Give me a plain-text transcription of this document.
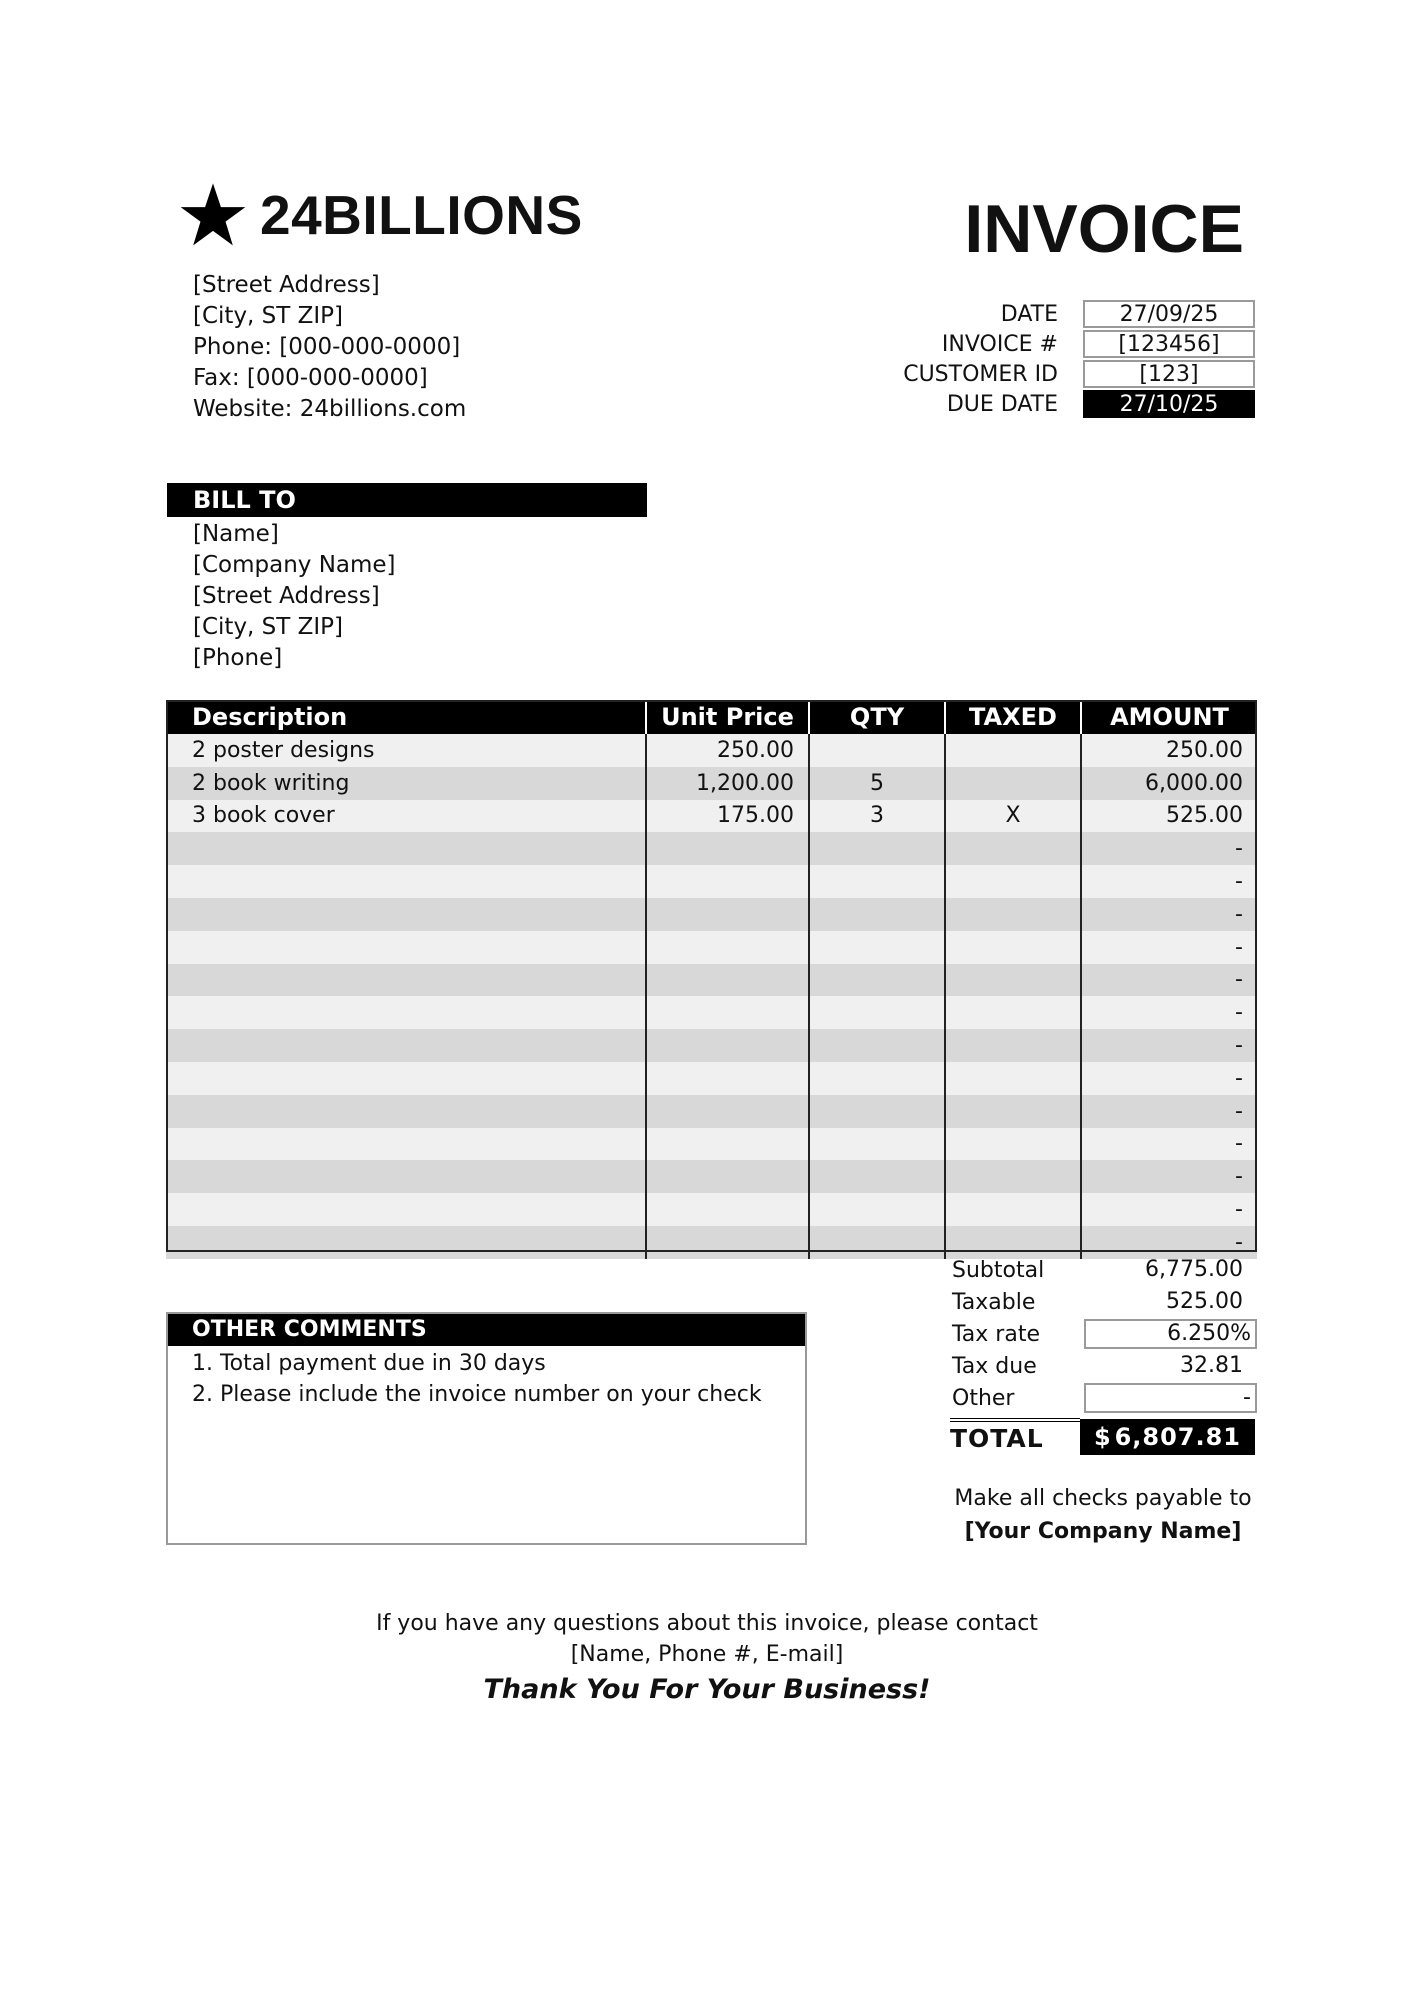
24BILLIONS	INVOICE
[Street Address]
[City, ST ZIP]
Phone: [000-000-0000]
Fax: [000-000-0000]
Website: 24billions.com
DATE	27/09/25
INVOICE #	[123456]
CUSTOMER ID	[123]
DUE DATE	27/10/25
BILL TO
[Name]
[Company Name]
[Street Address]
[City, ST ZIP]
[Phone]
Description	Unit Price	QTY	TAXED	AMOUNT
2 poster designs	250.00			250.00
2 book writing	1,200.00	5		6,000.00
3 book cover	175.00	3	X	525.00
				-
				-
				-
				-
				-
				-
				-
				-
				-
				-
				-
				-
				-
Subtotal	6,775.00
Taxable	525.00
Tax rate	6.250%
Tax due	32.81
Other	-
TOTAL	$ 6,807.81
OTHER COMMENTS
1. Total payment due in 30 days
2. Please include the invoice number on your check
Make all checks payable to
[Your Company Name]
If you have any questions about this invoice, please contact
[Name, Phone #, E-mail]
Thank You For Your Business!
